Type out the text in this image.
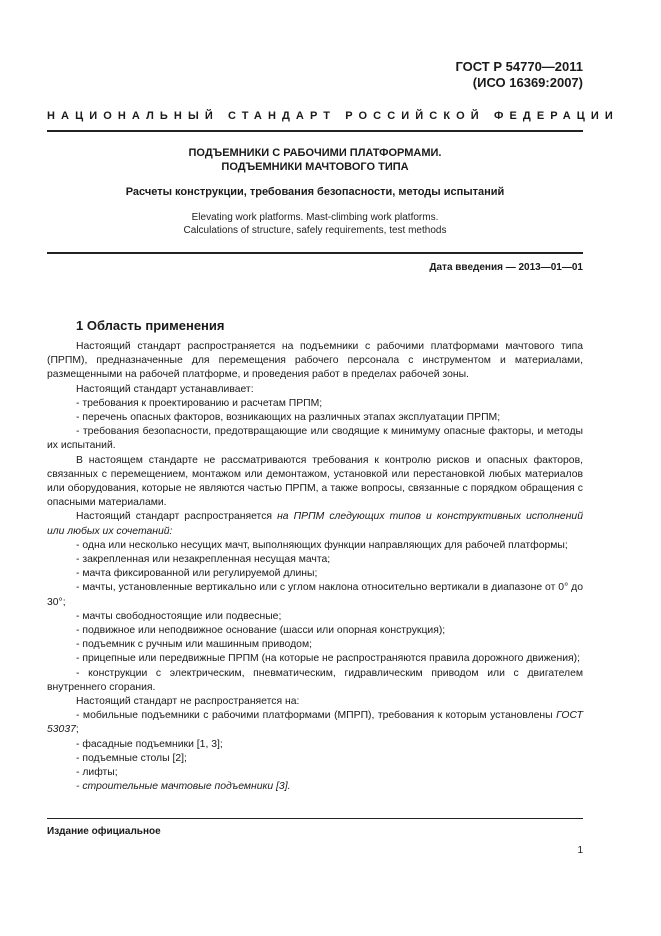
ГОСТ Р 54770—2011
(ИСО 16369:2007)
НАЦИОНАЛЬНЫЙ СТАНДАРТ РОССИЙСКОЙ ФЕДЕРАЦИИ
ПОДЪЕМНИКИ С РАБОЧИМИ ПЛАТФОРМАМИ.
ПОДЪЕМНИКИ МАЧТОВОГО ТИПА
Расчеты конструкции, требования безопасности, методы испытаний
Elevating work platforms. Mast-climbing work platforms.
Calculations of structure, safely requirements, test methods
Дата введения — 2013—01—01
1 Область применения

Настоящий стандарт распространяется на подъемники с рабочими платформами мачтового типа (ПРПМ), предназначенные для перемещения рабочего персонала с инструментом и материалами, размещенными на рабочей платформе, и проведения работ в пределах рабочей зоны.

Настоящий стандарт устанавливает:

- требования к проектированию и расчетам ПРПМ;

- перечень опасных факторов, возникающих на различных этапах эксплуатации ПРПМ;

- требования безопасности, предотвращающие или сводящие к минимуму опасные факторы, и методы их испытаний.

В настоящем стандарте не рассматриваются требования к контролю рисков и опасных факторов, связанных с перемещением, монтажом или демонтажом, установкой или перестановкой любых материалов или оборудования, которые не являются частью ПРПМ, а также вопросы, связанные с порядком обращения с опасными материалами.

Настоящий стандарт распространяется на ПРПМ следующих типов и конструктивных исполнений или любых их сочетаний:

- одна или несколько несущих мачт, выполняющих функции направляющих для рабочей платформы;

- закрепленная или незакрепленная несущая мачта;

- мачта фиксированной или регулируемой длины;

- мачты, установленные вертикально или с углом наклона относительно вертикали в диапазоне от 0° до 30°;

- мачты свободностоящие или подвесные;

- подвижное или неподвижное основание (шасси или опорная конструкция);

- подъемник с ручным или машинным приводом;

- прицепные или передвижные ПРПМ (на которые не распространяются правила дорожного движения);

- конструкции с электрическим, пневматическим, гидравлическим приводом или с двигателем внутреннего сгорания.

Настоящий стандарт не распространяется на:

- мобильные подъемники с рабочими платформами (МПРП), требования к которым установлены ГОСТ 53037;

- фасадные подъемники [1, 3];

- подъемные столы [2];

- лифты;

- строительные мачтовые подъемники [3].

Издание официальное
1
